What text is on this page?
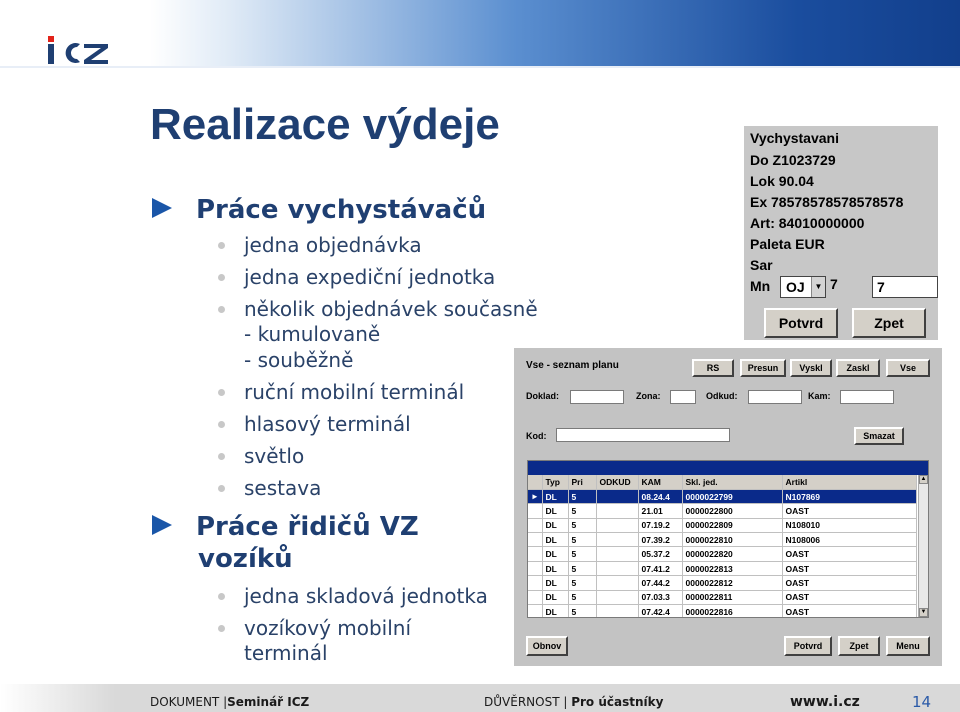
Realizace výdeje
Práce vychystávačů
jedna objednávka
jedna expediční jednotka
několik objednávek současně
- kumulovaně
- souběžně
ruční mobilní terminál
hlasový terminál
světlo
sestava
Práce řidičů VZ
vozíků
jedna skladová jednotka
vozíkový mobilní
terminál
Vychystavani
Do Z1023729
Lok 90.04
Ex 78578578578578578
Art: 84010000000
Paleta EUR
Sar
Mn	OJ	▼ 7	7
Potvrd	Zpet
Vse - seznam planu	RS	Presun	Vyskl	Zaskl	Vse
Doklad:	Zona:	Odkud:	Kam:
Kod:	Smazat
	Typ	Pri	ODKUD	KAM	Skl. jed.	Artikl
▸	DL	5		08.24.4	0000022799	N107869
	DL	5		21.01	0000022800	OAST
	DL	5		07.19.2	0000022809	N108010
	DL	5		07.39.2	0000022810	N108006
	DL	5		05.37.2	0000022820	OAST
	DL	5		07.41.2	0000022813	OAST
	DL	5		07.44.2	0000022812	OAST
	DL	5		07.03.3	0000022811	OAST
	DL	5		07.42.4	0000022816	OAST
▲
▼
Obnov	Potvrd	Zpet	Menu
DOKUMENT |Seminář ICZ	DŮVĚRNOST | Pro účastníky	www.i.cz	14
